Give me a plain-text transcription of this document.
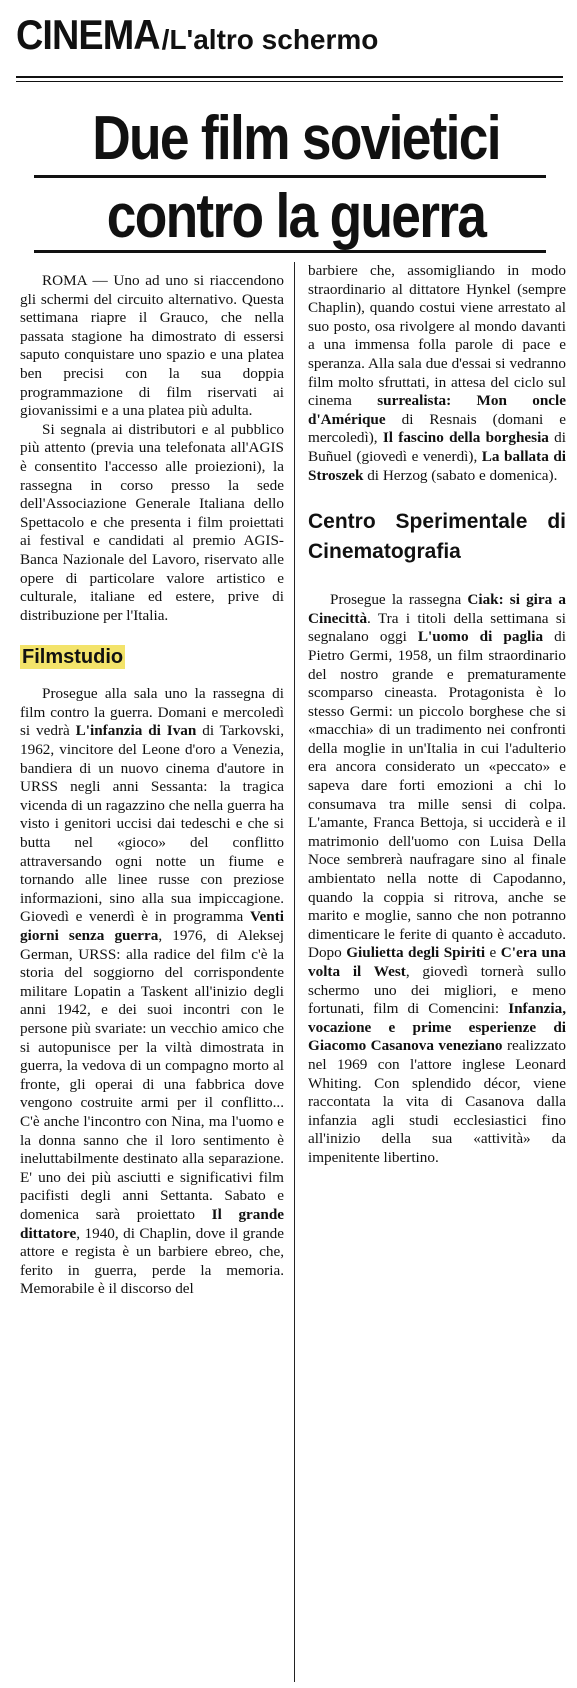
CINEMA/L'altro schermo
Due film sovietici
contro la guerra

ROMA — Uno ad uno si riaccendono gli schermi del circuito alternativo. Questa settimana riapre il Grauco, che nella passata stagione ha dimostrato di essersi saputo conquistare uno spazio e una platea ben precisi con la sua doppia programmazione di film riservati ai giovanissimi e a una platea più adulta.

Si segnala ai distributori e al pubblico più attento (previa una telefonata all'AGIS è consentito l'accesso alle proiezioni), la rassegna in corso presso la sede dell'Associazione Generale Italiana dello Spettacolo e che presenta i film proiettati ai festival e candidati al premio AGIS-Banca Nazionale del Lavoro, riservato alle opere di particolare valore artistico e culturale, italiane ed estere, prive di distribuzione per l'Italia.

Filmstudio

Prosegue alla sala uno la rassegna di film contro la guerra. Domani e mercoledì si vedrà L'infanzia di Ivan di Tarkovski, 1962, vincitore del Leone d'oro a Venezia, bandiera di un nuovo cinema d'autore in URSS negli anni Sessanta: la tragica vicenda di un ragazzino che nella guerra ha visto i genitori uccisi dai tedeschi e che si butta nel «gioco» del conflitto attraversando ogni notte un fiume e tornando alle linee russe con preziose informazioni, sino alla sua impiccagione. Giovedì e venerdì è in programma Venti giorni senza guerra, 1976, di Aleksej German, URSS: alla radice del film c'è la storia del soggiorno del corrispondente militare Lopatin a Taskent all'inizio degli anni 1942, e dei suoi incontri con le persone più svariate: un vecchio amico che si autopunisce per la viltà dimostrata in guerra, la vedova di un compagno morto al fronte, gli operai di una fabbrica dove vengono costruite armi per il conflitto... C'è anche l'incontro con Nina, ma l'uomo e la donna sanno che il loro sentimento è ineluttabilmente destinato alla separazione. E' uno dei più asciutti e significativi film pacifisti degli anni Settanta. Sabato e domenica sarà proiettato Il grande dittatore, 1940, di Chaplin, dove il grande attore e regista è un barbiere ebreo, che, ferito in guerra, perde la memoria. Memorabile è il discorso del

barbiere che, assomigliando in modo straordinario al dittatore Hynkel (sempre Chaplin), quando costui viene arrestato al suo posto, osa rivolgere al mondo davanti a una immensa folla parole di pace e speranza. Alla sala due d'essai si vedranno film molto sfruttati, in attesa del ciclo sul cinema surrealista: Mon oncle d'Amérique di Resnais (domani e mercoledì), Il fascino della borghesia di Buñuel (giovedì e venerdì), La ballata di Stroszek di Herzog (sabato e domenica).

Centro Sperimentale di Cinematografia

Prosegue la rassegna Ciak: si gira a Cinecittà. Tra i titoli della settimana si segnalano oggi L'uomo di paglia di Pietro Germi, 1958, un film straordinario del nostro grande e prematuramente scomparso cineasta. Protagonista è lo stesso Germi: un piccolo borghese che si «macchia» di un tradimento nei confronti della moglie in un'Italia in cui l'adulterio era ancora considerato un «peccato» e sapeva dare forti emozioni a chi lo consumava tra mille sensi di colpa. L'amante, Franca Bettoja, si ucciderà e il matrimonio dell'uomo con Luisa Della Noce sembrerà naufragare sino al finale ambientato nella notte di Capodanno, quando la coppia si ritrova, anche se marito e moglie, sanno che non potranno dimenticare le ferite di quanto è accaduto. Dopo Giulietta degli Spiriti e C'era una volta il West, giovedì tornerà sullo schermo uno dei migliori, e meno fortunati, film di Comencini: Infanzia, vocazione e prime esperienze di Giacomo Casanova veneziano realizzato nel 1969 con l'attore inglese Leonard Whiting. Con splendido décor, viene raccontata la vita di Casanova dalla infanzia agli studi ecclesiastici fino all'inizio della sua «attività» da impenitente libertino.
